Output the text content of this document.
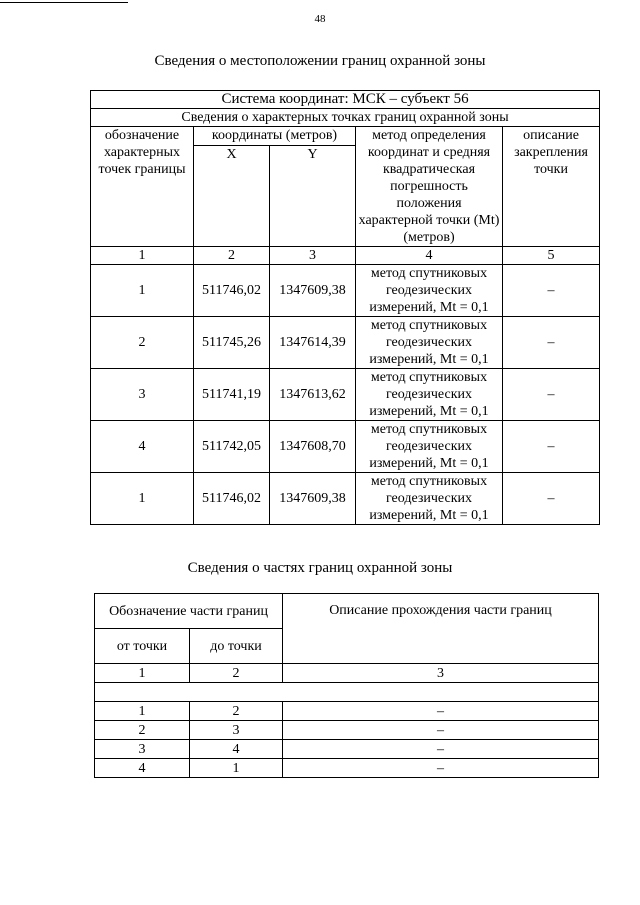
48
Сведения о местоположении границ охранной зоны
Система координат: МСК – субъект 56				
Сведения о характерных точках границ охранной зоны				
обозначение характерных точек границы	координаты (метров)		метод определения координат и средняя квадратическая погрешность положения характерной точки (Mt) (метров)	описание закрепления точки
	X	Y		
1	2	3	4	5
1	511746,02	1347609,38	метод спутниковых геодезических измерений, Mt = 0,1	–
2	511745,26	1347614,39	метод спутниковых геодезических измерений, Mt = 0,1	–
3	511741,19	1347613,62	метод спутниковых геодезических измерений, Mt = 0,1	–
4	511742,05	1347608,70	метод спутниковых геодезических измерений, Mt = 0,1	–
1	511746,02	1347609,38	метод спутниковых геодезических измерений, Mt = 0,1	–
Сведения о частях границ охранной зоны
Обозначение части границ		Описание прохождения части границ
от точки	до точки	
1	2	3

1	2	–
2	3	–
3	4	–
4	1	–
